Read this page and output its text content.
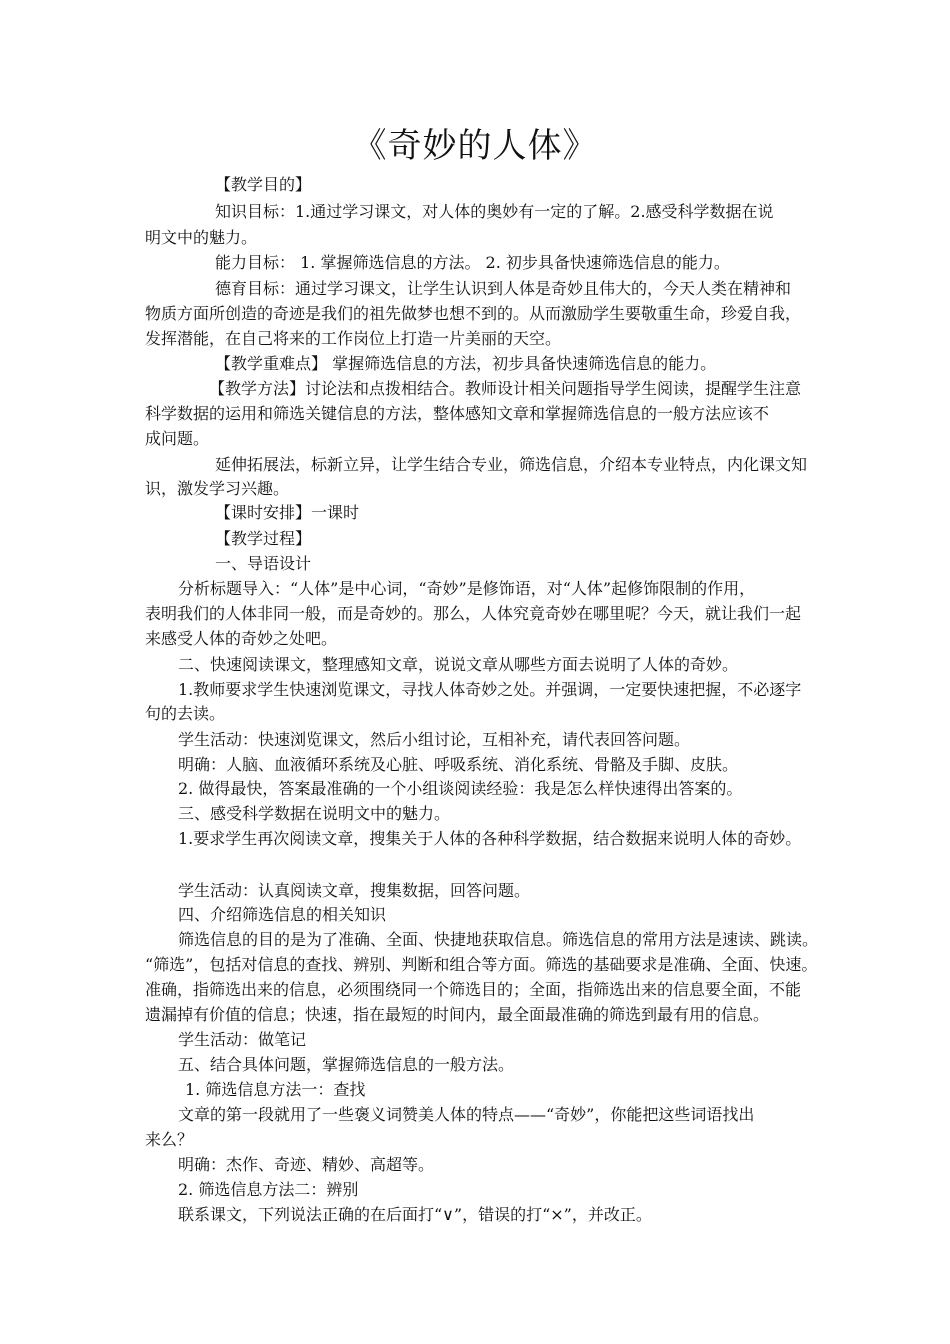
《奇妙的人体》
【教学目的】
知识目标：1.通过学习课文，对人体的奥妙有一定的了解。2.感受科学数据在说
明文中的魅力。
能力目标： 1. 掌握筛选信息的方法。 2. 初步具备快速筛选信息的能力。
德育目标：通过学习课文，让学生认识到人体是奇妙且伟大的，今天人类在精神和
物质方面所创造的奇迹是我们的祖先做梦也想不到的。从而激励学生要敬重生命，珍爱自我，
发挥潜能，在自己将来的工作岗位上打造一片美丽的天空。
【教学重难点】 掌握筛选信息的方法，初步具备快速筛选信息的能力。
【教学方法】讨论法和点拨相结合。教师设计相关问题指导学生阅读，提醒学生注意
科学数据的运用和筛选关键信息的方法，整体感知文章和掌握筛选信息的一般方法应该不
成问题。
延伸拓展法，标新立异，让学生结合专业，筛选信息，介绍本专业特点，内化课文知
识，激发学习兴趣。
【课时安排】一课时
【教学过程】
一、导语设计
分析标题导入：“人体”是中心词，“奇妙”是修饰语，对“人体”起修饰限制的作用，
表明我们的人体非同一般，而是奇妙的。那么，人体究竟奇妙在哪里呢？今天，就让我们一起
来感受人体的奇妙之处吧。
二、快速阅读课文，整理感知文章，说说文章从哪些方面去说明了人体的奇妙。
1.教师要求学生快速浏览课文，寻找人体奇妙之处。并强调，一定要快速把握，不必逐字
句的去读。
学生活动：快速浏览课文，然后小组讨论，互相补充，请代表回答问题。
明确：人脑、血液循环系统及心脏、呼吸系统、消化系统、骨骼及手脚、皮肤。
2. 做得最快，答案最准确的一个小组谈阅读经验：我是怎么样快速得出答案的。
三、感受科学数据在说明文中的魅力。
1.要求学生再次阅读文章，搜集关于人体的各种科学数据，结合数据来说明人体的奇妙。
学生活动：认真阅读文章，搜集数据，回答问题。
四、介绍筛选信息的相关知识
筛选信息的目的是为了准确、全面、快捷地获取信息。筛选信息的常用方法是速读、跳读。
“筛选”，包括对信息的查找、辨别、判断和组合等方面。筛选的基础要求是准确、全面、快速。
准确，指筛选出来的信息，必须围绕同一个筛选目的；全面，指筛选出来的信息要全面，不能
遗漏掉有价值的信息；快速，指在最短的时间内，最全面最准确的筛选到最有用的信息。
学生活动：做笔记
五、结合具体问题，掌握筛选信息的一般方法。
1. 筛选信息方法一：查找
文章的第一段就用了一些褒义词赞美人体的特点——“奇妙”，你能把这些词语找出
来么？
明确：杰作、奇迹、精妙、高超等。
2. 筛选信息方法二：辨别
联系课文，下列说法正确的在后面打“∨”，错误的打“×”，并改正。
